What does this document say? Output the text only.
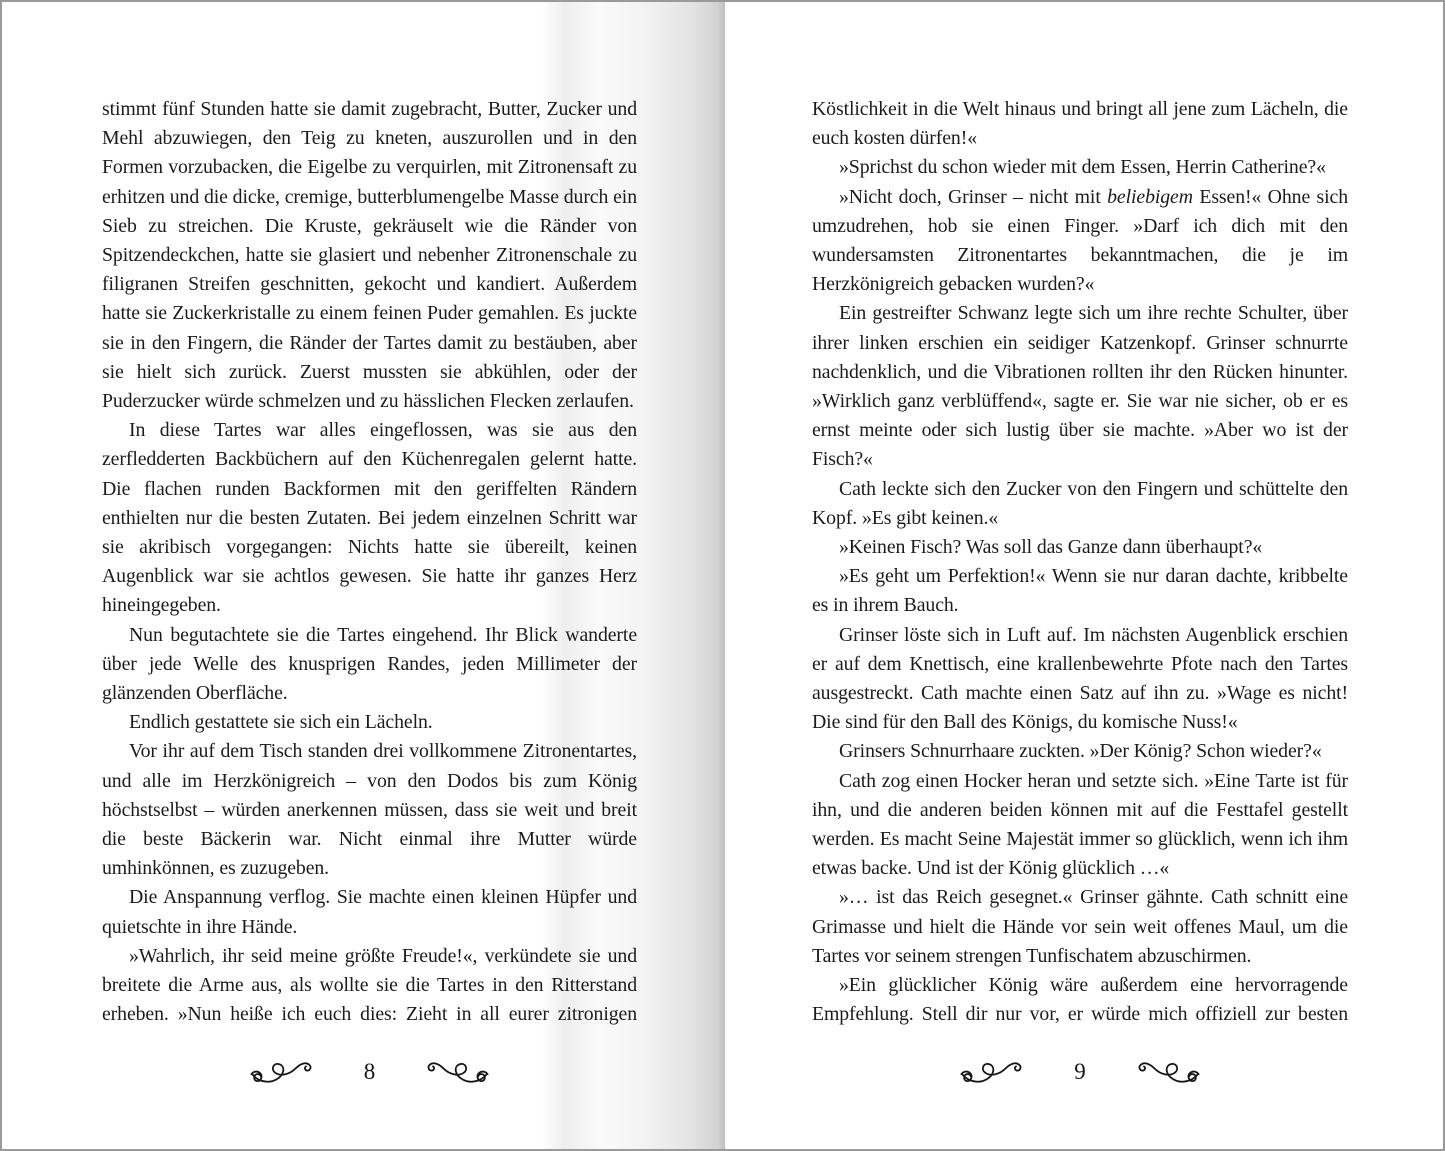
stimmt fünf Stunden hatte sie damit zugebracht, Butter, Zucker und Mehl abzuwiegen, den Teig zu kneten, auszurollen und in den Formen vorzubacken, die Eigelbe zu verquirlen, mit Zitronensaft zu erhitzen und die dicke, cremige, butterblumengelbe Masse durch ein Sieb zu streichen. Die Kruste, gekräuselt wie die Ränder von Spitzendeckchen, hatte sie glasiert und nebenher Zitronenschale zu filigranen Streifen geschnitten, gekocht und kandiert. Außerdem hatte sie Zuckerkristalle zu einem feinen Puder gemahlen. Es juckte sie in den Fingern, die Ränder der Tartes damit zu bestäuben, aber sie hielt sich zurück. Zuerst mussten sie abkühlen, oder der Puderzucker würde schmelzen und zu hässlichen Flecken zerlaufen.

In diese Tartes war alles eingeflossen, was sie aus den zerfledderten Backbüchern auf den Küchenregalen gelernt hatte. Die flachen runden Backformen mit den geriffelten Rändern enthielten nur die besten Zutaten. Bei jedem einzelnen Schritt war sie akribisch vorgegangen: Nichts hatte sie übereilt, keinen Augenblick war sie achtlos gewesen. Sie hatte ihr ganzes Herz hineingegeben.

Nun begutachtete sie die Tartes eingehend. Ihr Blick wanderte über jede Welle des knusprigen Randes, jeden Millimeter der glänzenden Oberfläche.

Endlich gestattete sie sich ein Lächeln.

Vor ihr auf dem Tisch standen drei vollkommene Zitronentartes, und alle im Herzkönigreich – von den Dodos bis zum König höchstselbst – würden anerkennen müssen, dass sie weit und breit die beste Bäckerin war. Nicht einmal ihre Mutter würde umhinkönnen, es zuzugeben.

Die Anspannung verflog. Sie machte einen kleinen Hüpfer und quietschte in ihre Hände.

»Wahrlich, ihr seid meine größte Freude!«, verkündete sie und breitete die Arme aus, als wollte sie die Tartes in den Ritterstand erheben. »Nun heiße ich euch dies: Zieht in all eurer zitronigen

8

Köstlichkeit in die Welt hinaus und bringt all jene zum Lächeln, die euch kosten dürfen!«

»Sprichst du schon wieder mit dem Essen, Herrin Catherine?«

»Nicht doch, Grinser – nicht mit beliebigem Essen!« Ohne sich umzudrehen, hob sie einen Finger. »Darf ich dich mit den wundersamsten Zitronentartes bekanntmachen, die je im Herzkönigreich gebacken wurden?«

Ein gestreifter Schwanz legte sich um ihre rechte Schulter, über ihrer linken erschien ein seidiger Katzenkopf. Grinser schnurrte nachdenklich, und die Vibrationen rollten ihr den Rücken hinunter. »Wirklich ganz verblüffend«, sagte er. Sie war nie sicher, ob er es ernst meinte oder sich lustig über sie machte. »Aber wo ist der Fisch?«

Cath leckte sich den Zucker von den Fingern und schüttelte den Kopf. »Es gibt keinen.«

»Keinen Fisch? Was soll das Ganze dann überhaupt?«

»Es geht um Perfektion!« Wenn sie nur daran dachte, kribbelte es in ihrem Bauch.

Grinser löste sich in Luft auf. Im nächsten Augenblick erschien er auf dem Knettisch, eine krallenbewehrte Pfote nach den Tartes ausgestreckt. Cath machte einen Satz auf ihn zu. »Wage es nicht! Die sind für den Ball des Königs, du komische Nuss!«

Grinsers Schnurrhaare zuckten. »Der König? Schon wieder?«

Cath zog einen Hocker heran und setzte sich. »Eine Tarte ist für ihn, und die anderen beiden können mit auf die Festtafel gestellt werden. Es macht Seine Majestät immer so glücklich, wenn ich ihm etwas backe. Und ist der König glücklich …«

»… ist das Reich gesegnet.« Grinser gähnte. Cath schnitt eine Grimasse und hielt die Hände vor sein weit offenes Maul, um die Tartes vor seinem strengen Tunfischatem abzuschirmen.

»Ein glücklicher König wäre außerdem eine hervorragende Empfehlung. Stell dir nur vor, er würde mich offiziell zur besten

9
